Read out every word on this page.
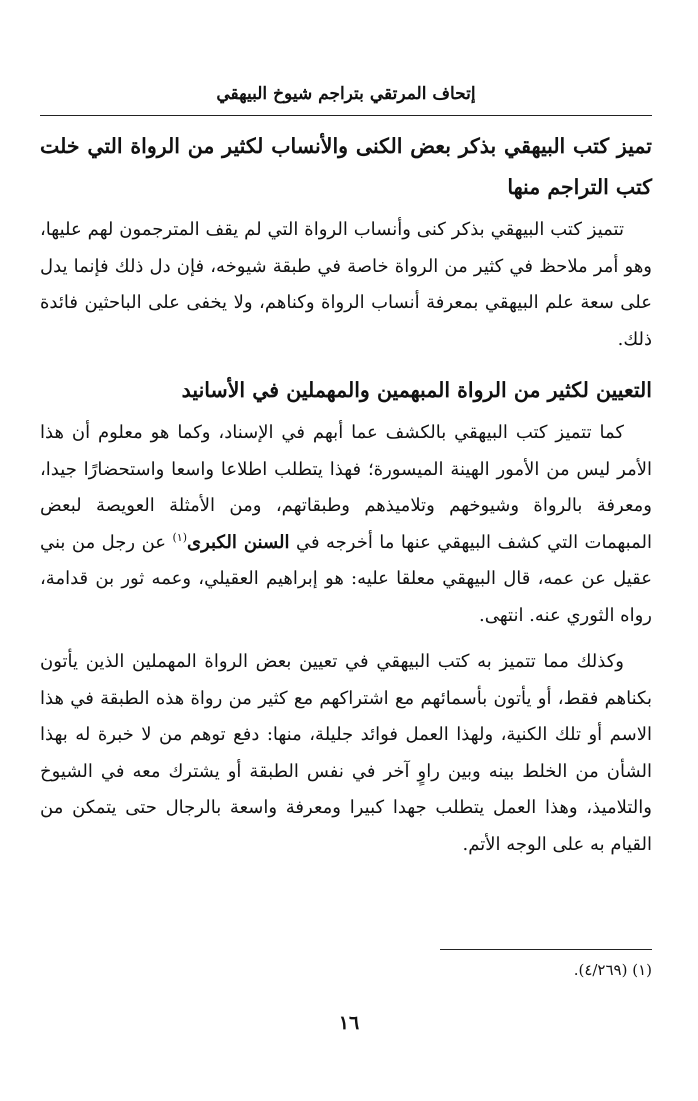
إتحاف المرتقي بتراجم شيوخ البيهقي
تميز كتب البيهقي بذكر بعض الكنى والأنساب لكثير من الرواة التي خلت كتب التراجم منها

تتميز كتب البيهقي بذكر كنى وأنساب الرواة التي لم يقف المترجمون لهم عليها، وهو أمر ملاحظ في كثير من الرواة خاصة في طبقة شيوخه، فإن دل ذلك فإنما يدل على سعة علم البيهقي بمعرفة أنساب الرواة وكناهم، ولا يخفى على الباحثين فائدة ذلك.

التعيين لكثير من الرواة المبهمين والمهملين في الأسانيد

كما تتميز كتب البيهقي بالكشف عما أبهم في الإسناد، وكما هو معلوم أن هذا الأمر ليس من الأمور الهينة الميسورة؛ فهذا يتطلب اطلاعا واسعا واستحضارًا جيدا، ومعرفة بالرواة وشيوخهم وتلاميذهم وطبقاتهم، ومن الأمثلة العويصة لبعض المبهمات التي كشف البيهقي عنها ما أخرجه في السنن الكبرى$^{(١)}$ عن رجل من بني عقيل عن عمه، قال البيهقي معلقا عليه: هو إبراهيم العقيلي، وعمه ثور بن قدامة، رواه الثوري عنه. انتهى.

وكذلك مما تتميز به كتب البيهقي في تعيين بعض الرواة المهملين الذين يأتون بكناهم فقط، أو يأتون بأسمائهم مع اشتراكهم مع كثير من رواة هذه الطبقة في هذا الاسم أو تلك الكنية، ولهذا العمل فوائد جليلة، منها: دفع توهم من لا خبرة له بهذا الشأن من الخلط بينه وبين راوٍ آخر في نفس الطبقة أو يشترك معه في الشيوخ والتلاميذ، وهذا العمل يتطلب جهدا كبيرا ومعرفة واسعة بالرجال حتى يتمكن من القيام به على الوجه الأتم.

(١) (٤/٢٦٩).
١٦
